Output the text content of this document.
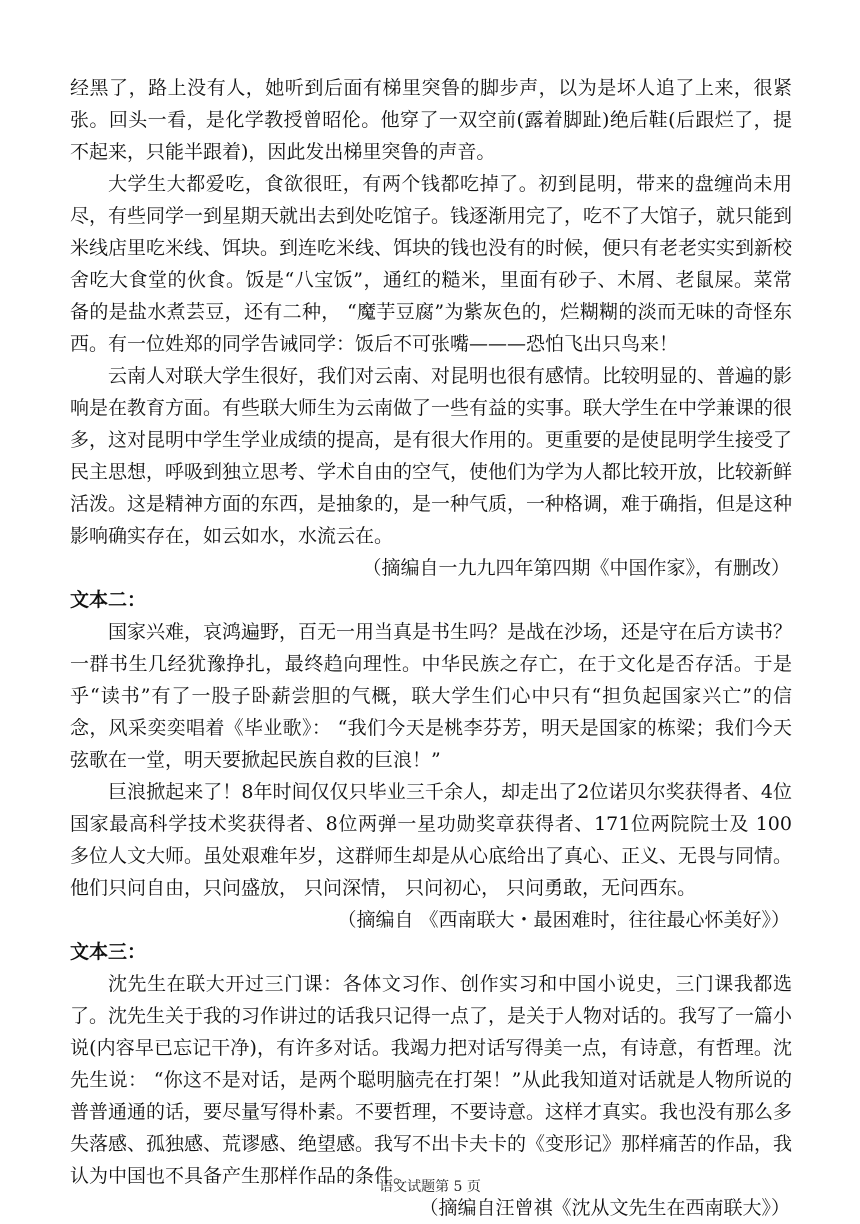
经黑了，路上没有人，她听到后面有梯里突鲁的脚步声，以为是坏人追了上来，很紧张。回头一看，是化学教授曾昭伦。他穿了一双空前(露着脚趾)绝后鞋(后跟烂了，提不起来，只能半跟着)，因此发出梯里突鲁的声音。

大学生大都爱吃，食欲很旺，有两个钱都吃掉了。初到昆明，带来的盘缠尚未用尽，有些同学一到星期天就出去到处吃馆子。钱逐渐用完了，吃不了大馆子，就只能到米线店里吃米线、饵块。到连吃米线、饵块的钱也没有的时候，便只有老老实实到新校舍吃大食堂的伙食。饭是“八宝饭”，通红的糙米，里面有砂子、木屑、老鼠屎。菜常备的是盐水煮芸豆，还有二种， “魔芋豆腐”为紫灰色的，烂糊糊的淡而无味的奇怪东西。有一位姓郑的同学告诫同学：饭后不可张嘴———恐怕飞出只鸟来！

云南人对联大学生很好，我们对云南、对昆明也很有感情。比较明显的、普遍的影响是在教育方面。有些联大师生为云南做了一些有益的实事。联大学生在中学兼课的很多，这对昆明中学生学业成绩的提高，是有很大作用的。更重要的是使昆明学生接受了民主思想，呼吸到独立思考、学术自由的空气，使他们为学为人都比较开放，比较新鲜活泼。这是精神方面的东西，是抽象的，是一种气质，一种格调，难于确指，但是这种影响确实存在，如云如水，水流云在。

（摘编自一九九四年第四期《中国作家》，有删改）

文本二：

国家兴难，哀鸿遍野，百无一用当真是书生吗？是战在沙场，还是守在后方读书？一群书生几经犹豫挣扎，最终趋向理性。中华民族之存亡，在于文化是否存活。于是乎“读书”有了一股子卧薪尝胆的气概，联大学生们心中只有“担负起国家兴亡”的信念，风采奕奕唱着《毕业歌》： “我们今天是桃李芬芳，明天是国家的栋梁；我们今天弦歌在一堂，明天要掀起民族自救的巨浪！”

巨浪掀起来了！8年时间仅仅只毕业三千余人，却走出了2位诺贝尔奖获得者、4位国家最高科学技术奖获得者、8位两弹一星功勋奖章获得者、171位两院院士及 100 多位人文大师。虽处艰难年岁，这群师生却是从心底给出了真心、正义、无畏与同情。他们只问自由，只问盛放， 只问深情， 只问初心， 只问勇敢，无问西东。

（摘编自 《西南联大・最困难时，往往最心怀美好》）

文本三：

沈先生在联大开过三门课：各体文习作、创作实习和中国小说史，三门课我都选了。沈先生关于我的习作讲过的话我只记得一点了，是关于人物对话的。我写了一篇小说(内容早已忘记干净)，有许多对话。我竭力把对话写得美一点，有诗意，有哲理。沈先生说： “你这不是对话，是两个聪明脑壳在打架！”从此我知道对话就是人物所说的普普通通的话，要尽量写得朴素。不要哲理，不要诗意。这样才真实。我也没有那么多失落感、孤独感、荒谬感、绝望感。我写不出卡夫卡的《变形记》那样痛苦的作品，我认为中国也不具备产生那样作品的条件。

（摘编自汪曾祺《沈从文先生在西南联大》）

语文试题第 5 页
